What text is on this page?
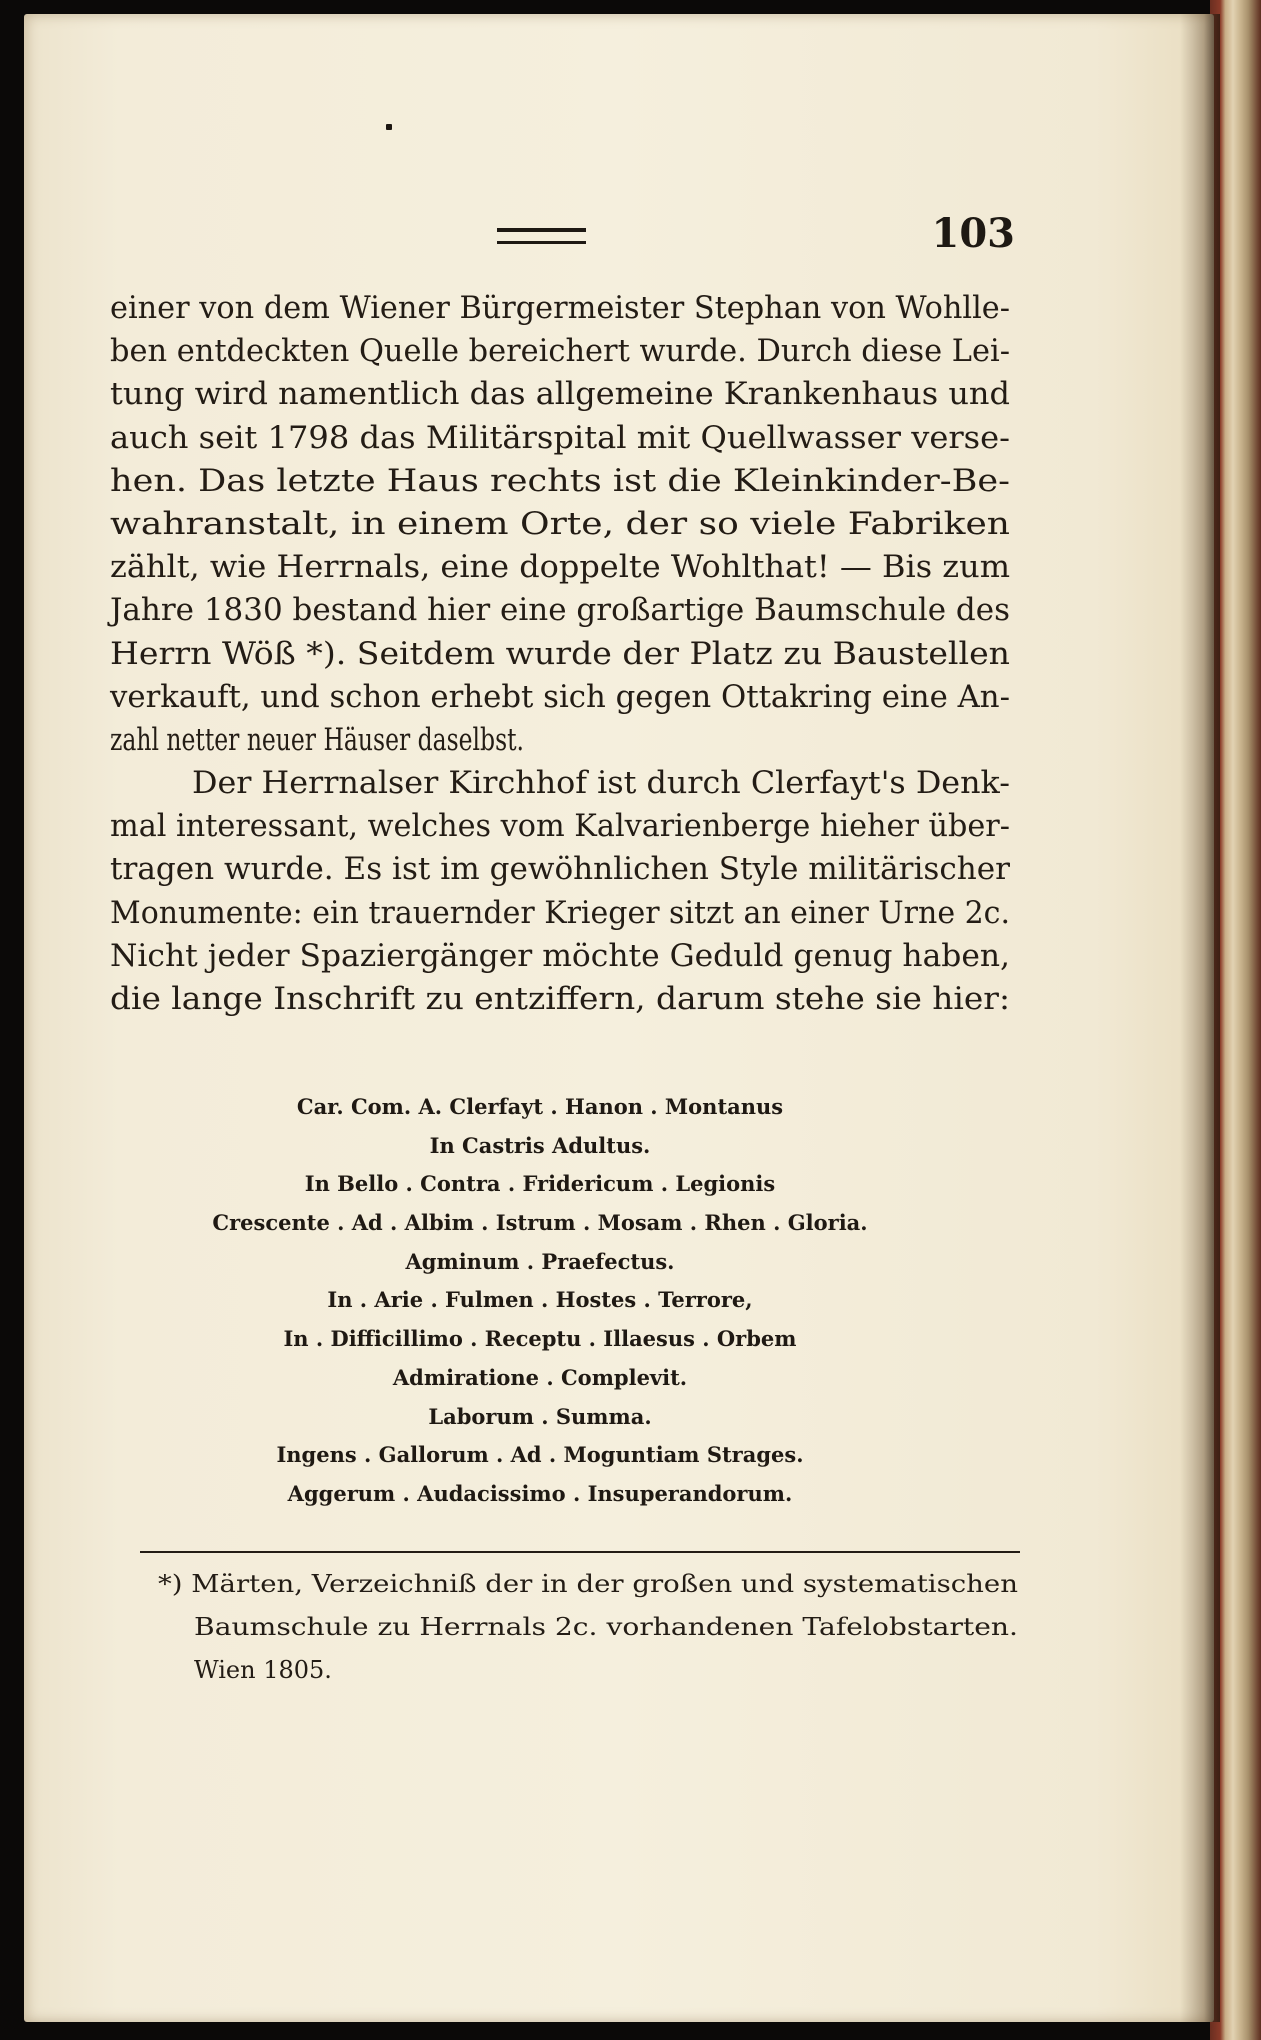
103
einer von dem Wiener Bürgermeister Stephan von Wohlle-
ben entdeckten Quelle bereichert wurde. Durch diese Lei-
tung wird namentlich das allgemeine Krankenhaus und
auch seit 1798 das Militärspital mit Quellwasser verse-
hen. Das letzte Haus rechts ist die Kleinkinder-Be-
wahranstalt, in einem Orte, der so viele Fabriken
zählt, wie Herrnals, eine doppelte Wohlthat! — Bis zum
Jahre 1830 bestand hier eine großartige Baumschule des
Herrn Wöß *). Seitdem wurde der Platz zu Baustellen
verkauft, und schon erhebt sich gegen Ottakring eine An-
zahl netter neuer Häuser daselbst.
Der Herrnalser Kirchhof ist durch Clerfayt's Denk-
mal interessant, welches vom Kalvarienberge hieher über-
tragen wurde. Es ist im gewöhnlichen Style militärischer
Monumente: ein trauernder Krieger sitzt an einer Urne 2c.
Nicht jeder Spaziergänger möchte Geduld genug haben,
die lange Inschrift zu entziffern, darum stehe sie hier:
Car. Com. A. Clerfayt . Hanon . Montanus
In Castris Adultus.
In Bello . Contra . Fridericum . Legionis
Crescente . Ad . Albim . Istrum . Mosam . Rhen . Gloria.
Agminum . Praefectus.
In . Arie . Fulmen . Hostes . Terrore,
In . Difficillimo . Receptu . Illaesus . Orbem
Admiratione . Complevit.
Laborum . Summa.
Ingens . Gallorum . Ad . Moguntiam Strages.
Aggerum . Audacissimo . Insuperandorum.
*) Märten, Verzeichniß der in der großen und systematischen
Baumschule zu Herrnals 2c. vorhandenen Tafelobstarten.
Wien 1805.
